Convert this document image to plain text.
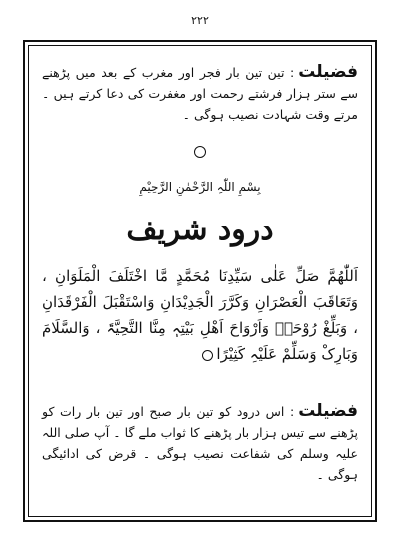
۲۲۲
فضیلت: تین تین بار فجر اور مغرب کے بعد میں پڑھنے سے ستر ہزار فرشتے رحمت اور مغفرت کی دعا کرتے ہیں ۔ مرتے وقت شہادت نصیب ہوگی ۔
بِسْمِ اللّٰہِ الرَّحْمٰنِ الرَّحِیْمِ
درود شریف
اَللّٰھُمَّ صَلِّ عَلٰی سَیِّدِنَا مُحَمَّدٍ مَّا اخْتَلَفَ الْمَلَوَانِ ، وَتَعَاقَبَ الْعَصْرَانِ وَکَرَّرَ الْجَدِیْدَانِ وَاسْتَقْبَلَ الْفَرْقَدَانِ ، وَبَلِّغْ رُوْحَہٗ وَاَرْوَاحَ اَھْلِ بَیْتِہٖ مِنَّا التَّحِیَّۃَ ، وَالسَّلَامَ وَبَارِکْ وَسَلِّمْ عَلَیْہِ کَثِیْرًا
فضیلت: اس درود کو تین بار صبح اور تین بار رات کو پڑھنے سے تیس ہزار بار پڑھنے کا ثواب ملے گا ۔ آپ صلی اللہ علیہ وسلم کی شفاعت نصیب ہوگی ۔ قرض کی ادائیگی ہوگی ۔
